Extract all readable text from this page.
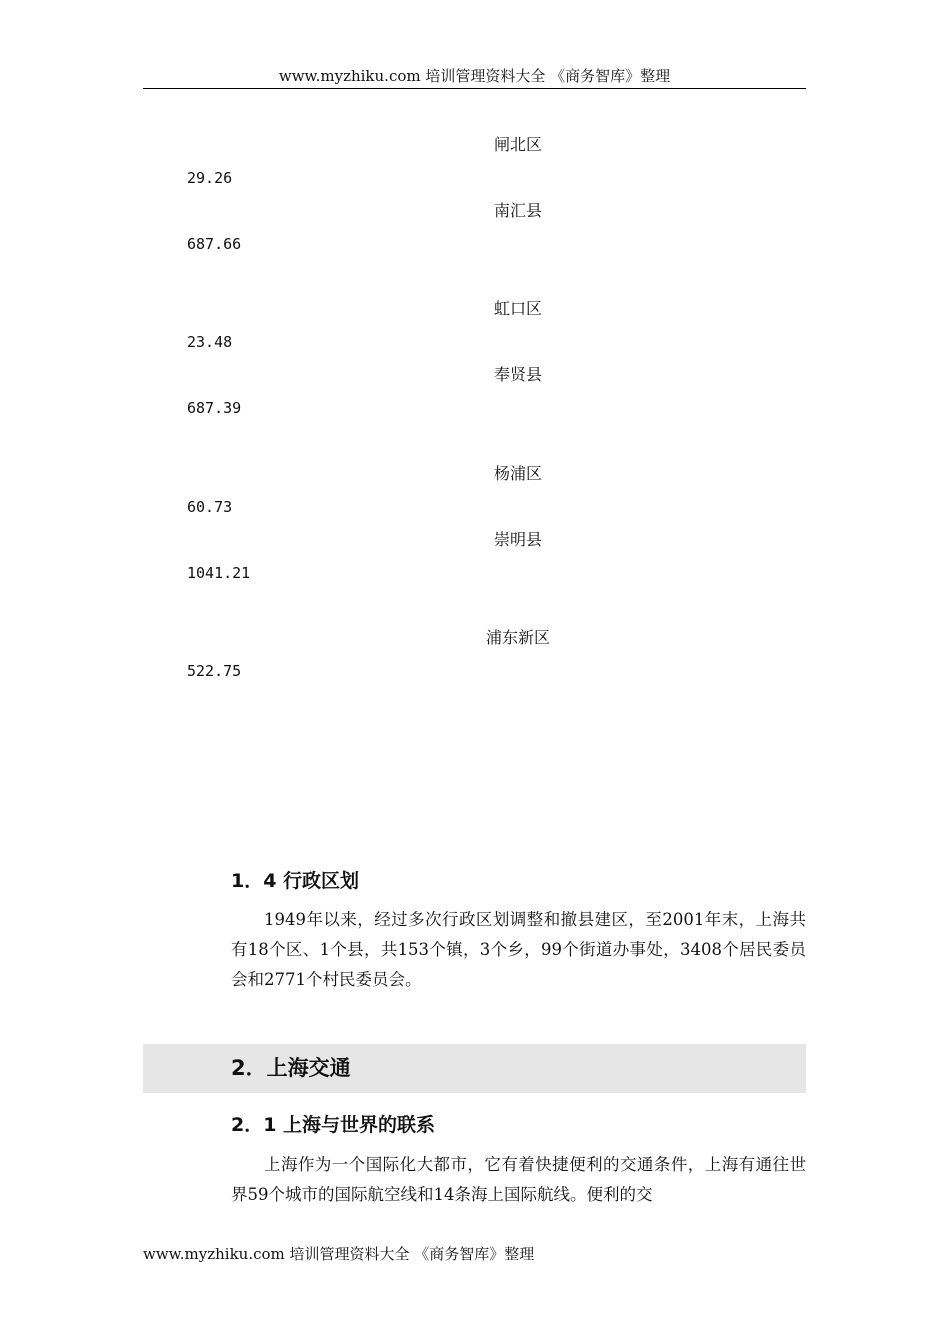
www.myzhiku.com 培训管理资料大全 《商务智库》整理
闸北区
29.26
南汇县
687.66
虹口区
23.48
奉贤县
687.39
杨浦区
60.73
崇明县
1041.21
浦东新区
522.75
1．4 行政区划
1949年以来，经过多次行政区划调整和撤县建区，至2001年末，上海共有18个区、1个县，共153个镇，3个乡，99个街道办事处，3408个居民委员会和2771个村民委员会。
2．上海交通
2．1 上海与世界的联系
上海作为一个国际化大都市，它有着快捷便利的交通条件，上海有通往世界59个城市的国际航空线和14条海上国际航线。便利的交
www.myzhiku.com 培训管理资料大全 《商务智库》整理
